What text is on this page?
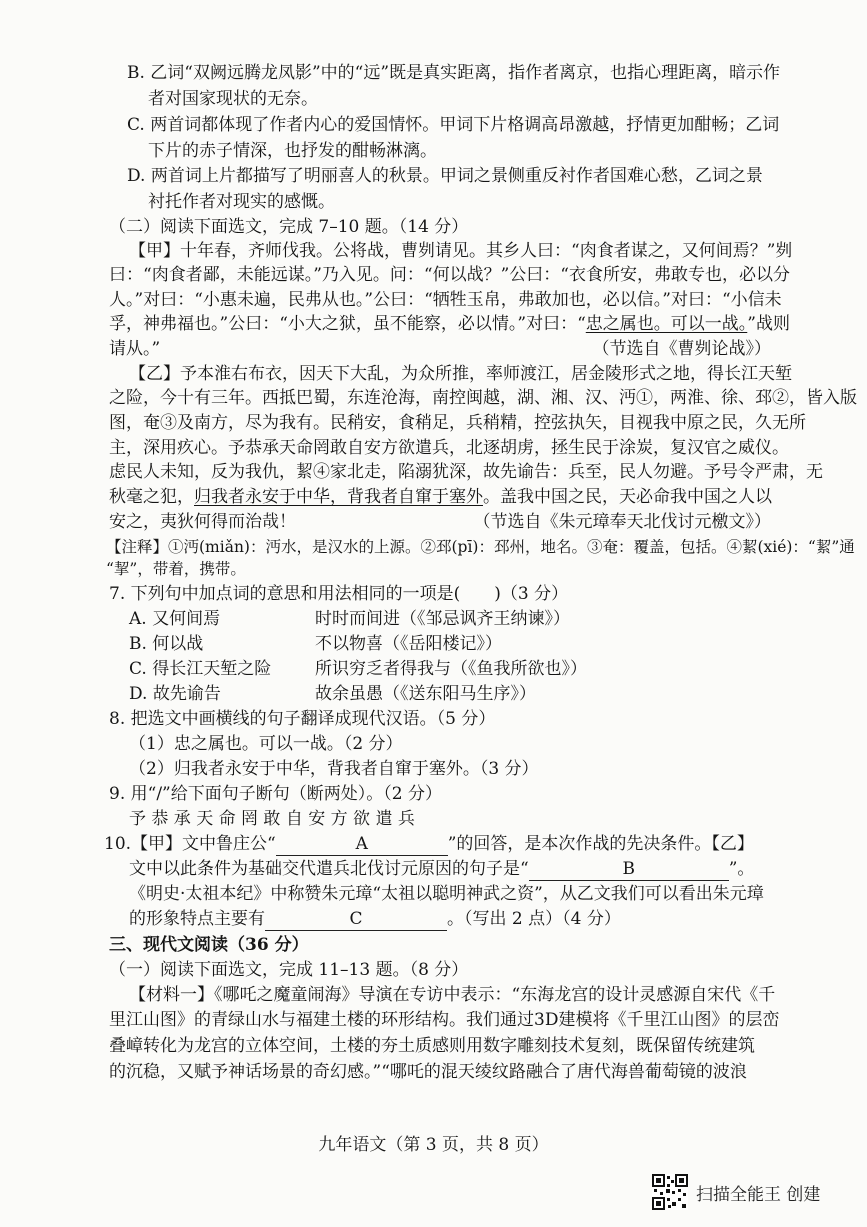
B. 乙词“双阙远腾龙凤影”中的“远”既是真实距离，指作者离京，也指心理距离，暗示作
者对国家现状的无奈。
C. 两首词都体现了作者内心的爱国情怀。甲词下片格调高昂激越，抒情更加酣畅；乙词
下片的赤子情深，也抒发的酣畅淋漓。
D. 两首词上片都描写了明丽喜人的秋景。甲词之景侧重反衬作者国难心愁，乙词之景
衬托作者对现实的感慨。
（二）阅读下面选文，完成 7–10 题。（14 分）
【甲】十年春，齐师伐我。公将战，曹刿请见。其乡人曰：“肉食者谋之，又何间焉？”刿
曰：“肉食者鄙，未能远谋。”乃入见。问：“何以战？”公曰：“衣食所安，弗敢专也，必以分
人。”对曰：“小惠未遍，民弗从也。”公曰：“牺牲玉帛，弗敢加也，必以信。”对曰：“小信未
孚，神弗福也。”公曰：“小大之狱，虽不能察，必以情。”对曰：“忠之属也。可以一战。”战则
请从。”	（节选自《曹刿论战》）
【乙】予本淮右布衣，因天下大乱，为众所推，率师渡江，居金陵形式之地，得长江天堑
之险，今十有三年。西抵巴蜀，东连沧海，南控闽越，湖、湘、汉、沔①，两淮、徐、邳②，皆入版
图，奄③及南方，尽为我有。民稍安，食稍足，兵稍精，控弦执矢，目视我中原之民，久无所
主，深用疚心。予恭承天命罔敢自安方欲遣兵，北逐胡虏，拯生民于涂炭，复汉官之威仪。
虑民人未知，反为我仇，絜④家北走，陷溺犹深，故先谕告：兵至，民人勿避。予号令严肃，无
秋毫之犯，归我者永安于中华，背我者自窜于塞外。盖我中国之民，天必命我中国之人以
安之，夷狄何得而治哉！	（节选自《朱元璋奉天北伐讨元檄文》）
【注释】①沔(miǎn)：沔水，是汉水的上源。②邳(pī)：邳州，地名。③奄：覆盖，包括。④絜(xié)：“絜”通
“挈”，带着，携带。
7. 下列句中加点词的意思和用法相同的一项是(　　)（3 分）
A. 又何间焉	时时而间进（《邹忌讽齐王纳谏》）
B. 何以战	不以物喜（《岳阳楼记》）
C. 得长江天堑之险	所识穷乏者得我与（《鱼我所欲也》）
D. 故先谕告	故余虽愚（《送东阳马生序》）
8. 把选文中画横线的句子翻译成现代汉语。（5 分）
（1）忠之属也。可以一战。（2 分）
（2）归我者永安于中华，背我者自窜于塞外。（3 分）
9. 用“/”给下面句子断句（断两处）。（2 分）
予 恭 承 天 命 罔 敢 自 安 方 欲 遣 兵
10.【甲】文中鲁庄公“	A	”的回答，是本次作战的先决条件。【乙】
文中以此条件为基础交代遣兵北伐讨元原因的句子是“	B	”。
《明史·太祖本纪》中称赞朱元璋“太祖以聪明神武之资”，从乙文我们可以看出朱元璋
的形象特点主要有	C	。（写出 2 点）（4 分）
三、现代文阅读（36 分）
（一）阅读下面选文，完成 11–13 题。（8 分）
【材料一】《哪吒之魔童闹海》导演在专访中表示：“东海龙宫的设计灵感源自宋代《千
里江山图》的青绿山水与福建土楼的环形结构。我们通过3D建模将《千里江山图》的层峦
叠嶂转化为龙宫的立体空间，土楼的夯土质感则用数字雕刻技术复刻，既保留传统建筑
的沉稳，又赋予神话场景的奇幻感。”“哪吒的混天绫纹路融合了唐代海兽葡萄镜的波浪
九年语文（第 3 页，共 8 页）
扫描全能王 创建
